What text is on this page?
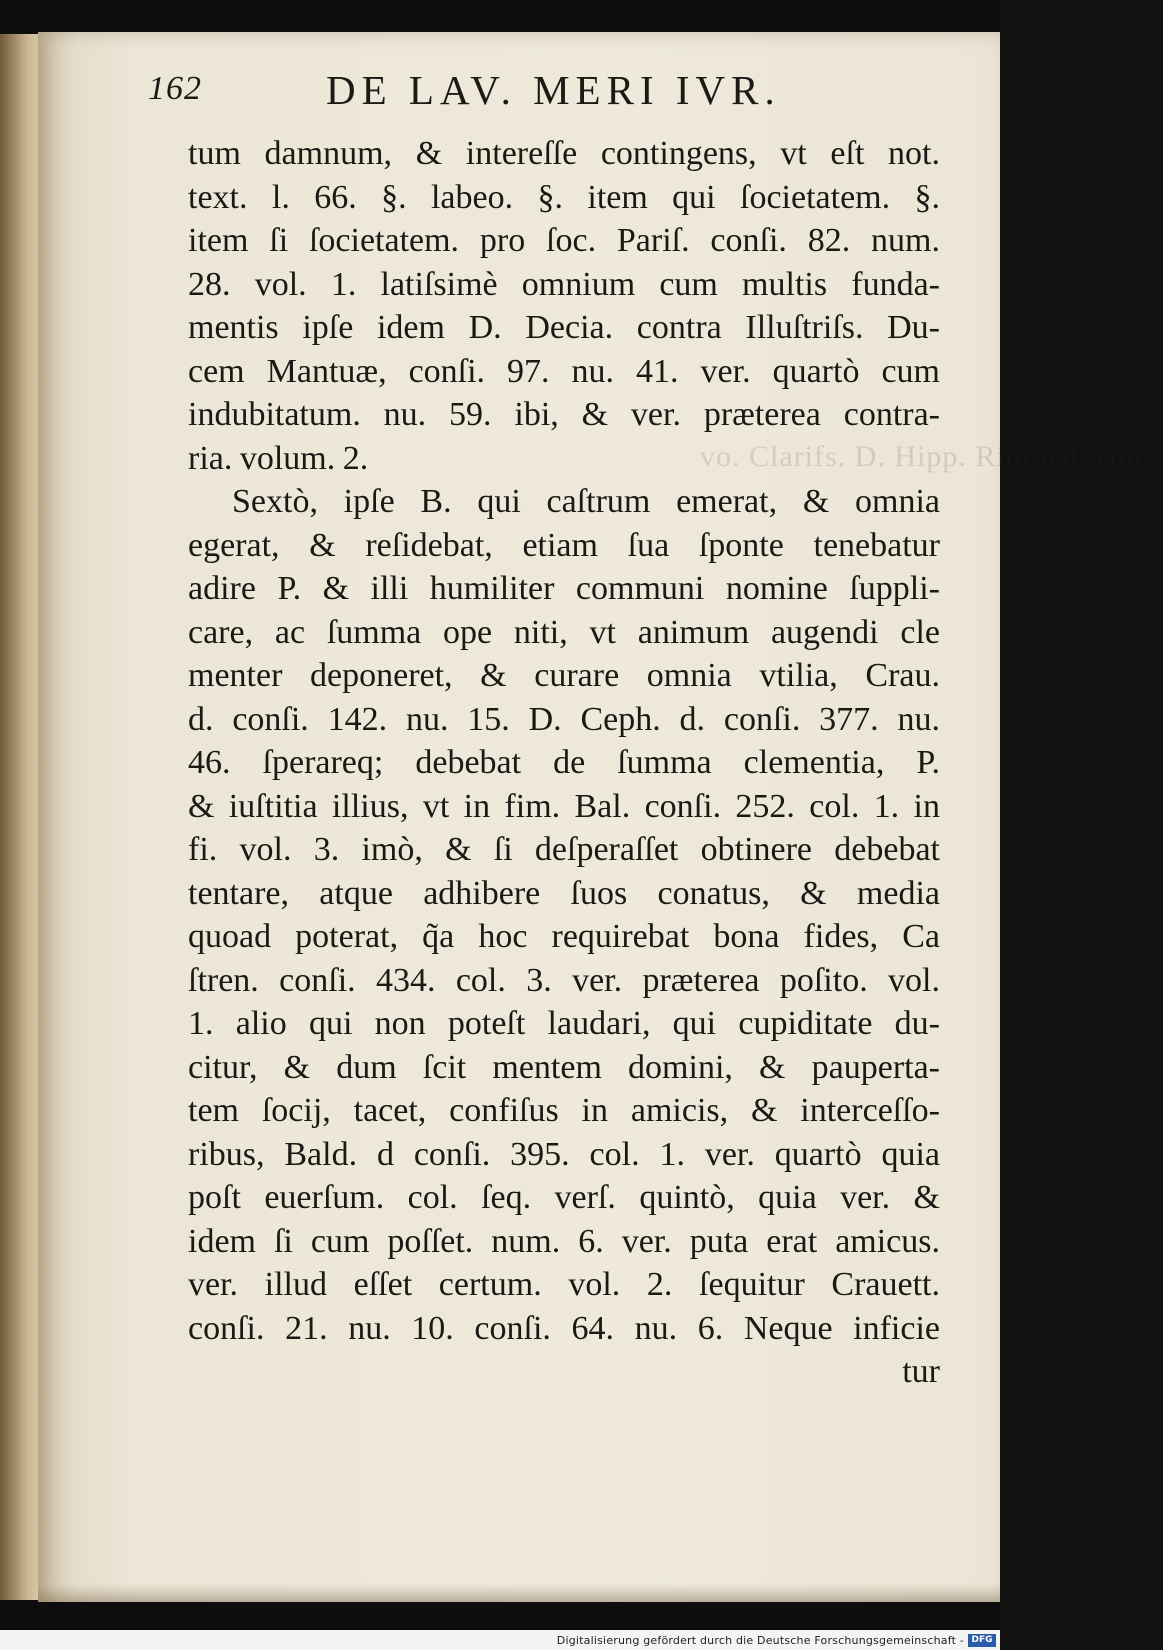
162	DE LAV. MERI IVR.
vo. Clarifs. D. Hipp. Riminal. cons.
tum damnum, & intereſſe contingens, vt eſt not.
text. l. 66. §. labeo. §. item qui ſocietatem. §.
item ſi ſocietatem. pro ſoc. Pariſ. conſi. 82. num.
28. vol. 1. latiſsimè omnium cum multis funda-
mentis ipſe idem D. Decia. contra Illuſtriſs. Du-
cem Mantuæ, conſi. 97. nu. 41. ver. quartò cum
indubitatum. nu. 59. ibi, & ver. præterea contra-
ria. volum. 2.
Sextò, ipſe B. qui caſtrum emerat, & omnia
egerat, & reſidebat, etiam ſua ſponte tenebatur
adire P. & illi humiliter communi nomine ſuppli-
care, ac ſumma ope niti, vt animum augendi cle
menter deponeret, & curare omnia vtilia, Crau.
d. conſi. 142. nu. 15. D. Ceph. d. conſi. 377. nu.
46. ſperareq; debebat de ſumma clementia, P.
& iuſtitia illius, vt in fim. Bal. conſi. 252. col. 1. in
fi. vol. 3. imò, & ſi deſperaſſet obtinere debebat
tentare, atque adhibere ſuos conatus, & media
quoad poterat, q̃a hoc requirebat bona fides, Ca
ſtren. conſi. 434. col. 3. ver. præterea poſito. vol.
1. alio qui non poteſt laudari, qui cupiditate du-
citur, & dum ſcit mentem domini, & pauperta-
tem ſocij, tacet, confiſus in amicis, & interceſſo-
ribus, Bald. d conſi. 395. col. 1. ver. quartò quia
poſt euerſum. col. ſeq. verſ. quintò, quia ver. &
idem ſi cum poſſet. num. 6. ver. puta erat amicus.
ver. illud eſſet certum. vol. 2. ſequitur Crauett.
conſi. 21. nu. 10. conſi. 64. nu. 6. Neque inficie
tur
Digitalisierung gefördert durch die Deutsche Forschungsgemeinschaft - DFG
